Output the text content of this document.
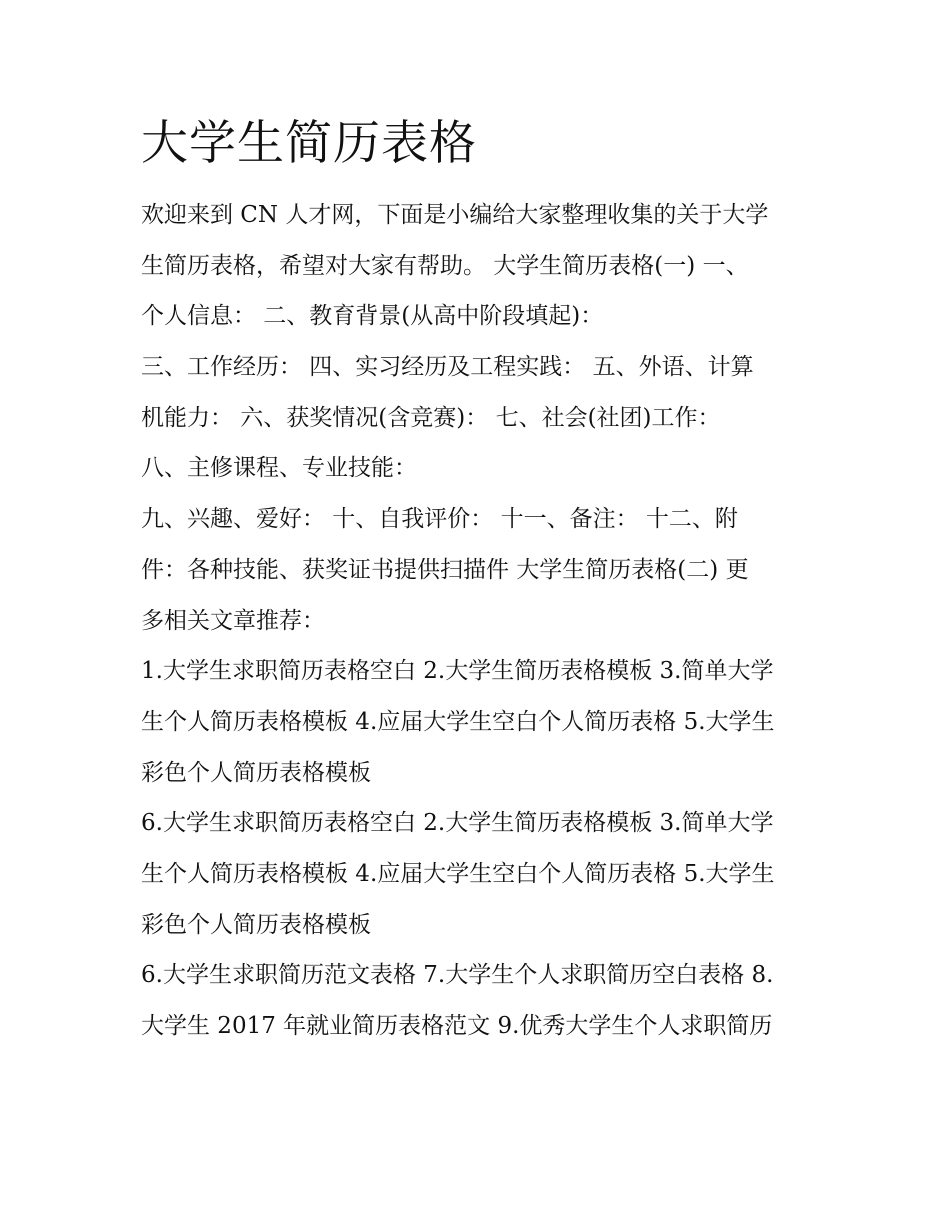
大学生简历表格
欢迎来到 CN 人才网，下面是小编给大家整理收集的关于大学
生简历表格，希望对大家有帮助。 大学生简历表格(一) 一、
个人信息： 二、教育背景(从高中阶段填起)：
三、工作经历： 四、实习经历及工程实践： 五、外语、计算
机能力： 六、获奖情况(含竞赛)： 七、社会(社团)工作：
八、主修课程、专业技能：
九、兴趣、爱好： 十、自我评价： 十一、备注： 十二、附
件：各种技能、获奖证书提供扫描件 大学生简历表格(二) 更
多相关文章推荐：
1.大学生求职简历表格空白 2.大学生简历表格模板 3.简单大学
生个人简历表格模板 4.应届大学生空白个人简历表格 5.大学生
彩色个人简历表格模板
6.大学生求职简历表格空白 2.大学生简历表格模板 3.简单大学
生个人简历表格模板 4.应届大学生空白个人简历表格 5.大学生
彩色个人简历表格模板
6.大学生求职简历范文表格 7.大学生个人求职简历空白表格 8.
大学生 2017 年就业简历表格范文 9.优秀大学生个人求职简历
